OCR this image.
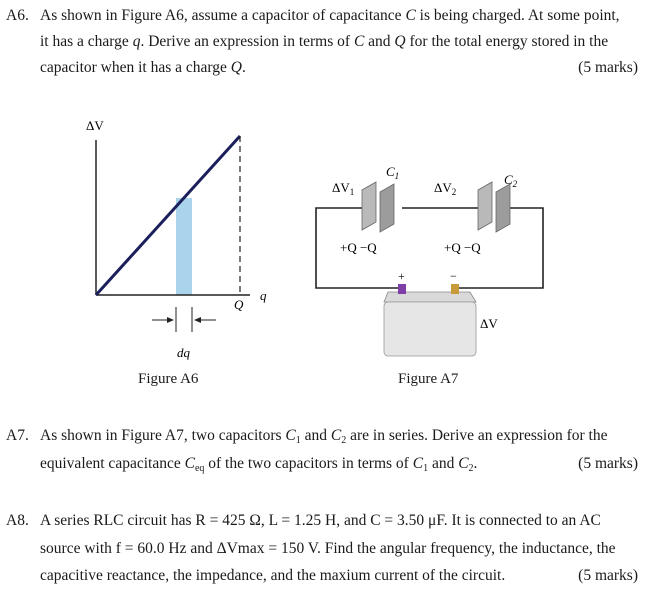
A6. As shown in Figure A6, assume a capacitor of capacitance C is being charged. At some point,
it has a charge q. Derive an expression in terms of C and Q for the total energy stored in the
capacitor when it has a charge Q.	(5 marks)
ΔV
q
Q
dq
Figure A6
$\Delta V_1$	$\Delta V_2$
$C_1$	$C_2$
+Q −Q	+Q −Q
+	−
ΔV
Figure A7
A7. As shown in Figure A7, two capacitors $C_1$ and $C_2$ are in series. Derive an expression for the
equivalent capacitance $C_{eq}$ of the two capacitors in terms of $C_1$ and $C_2$.	(5 marks)
A8. A series RLC circuit has R = 425 Ω, L = 1.25 H, and C = 3.50 μF. It is connected to an AC
source with f = 60.0 Hz and ΔVmax = 150 V. Find the angular frequency, the inductance, the
capacitive reactance, the impedance, and the maxium current of the circuit.	(5 marks)
